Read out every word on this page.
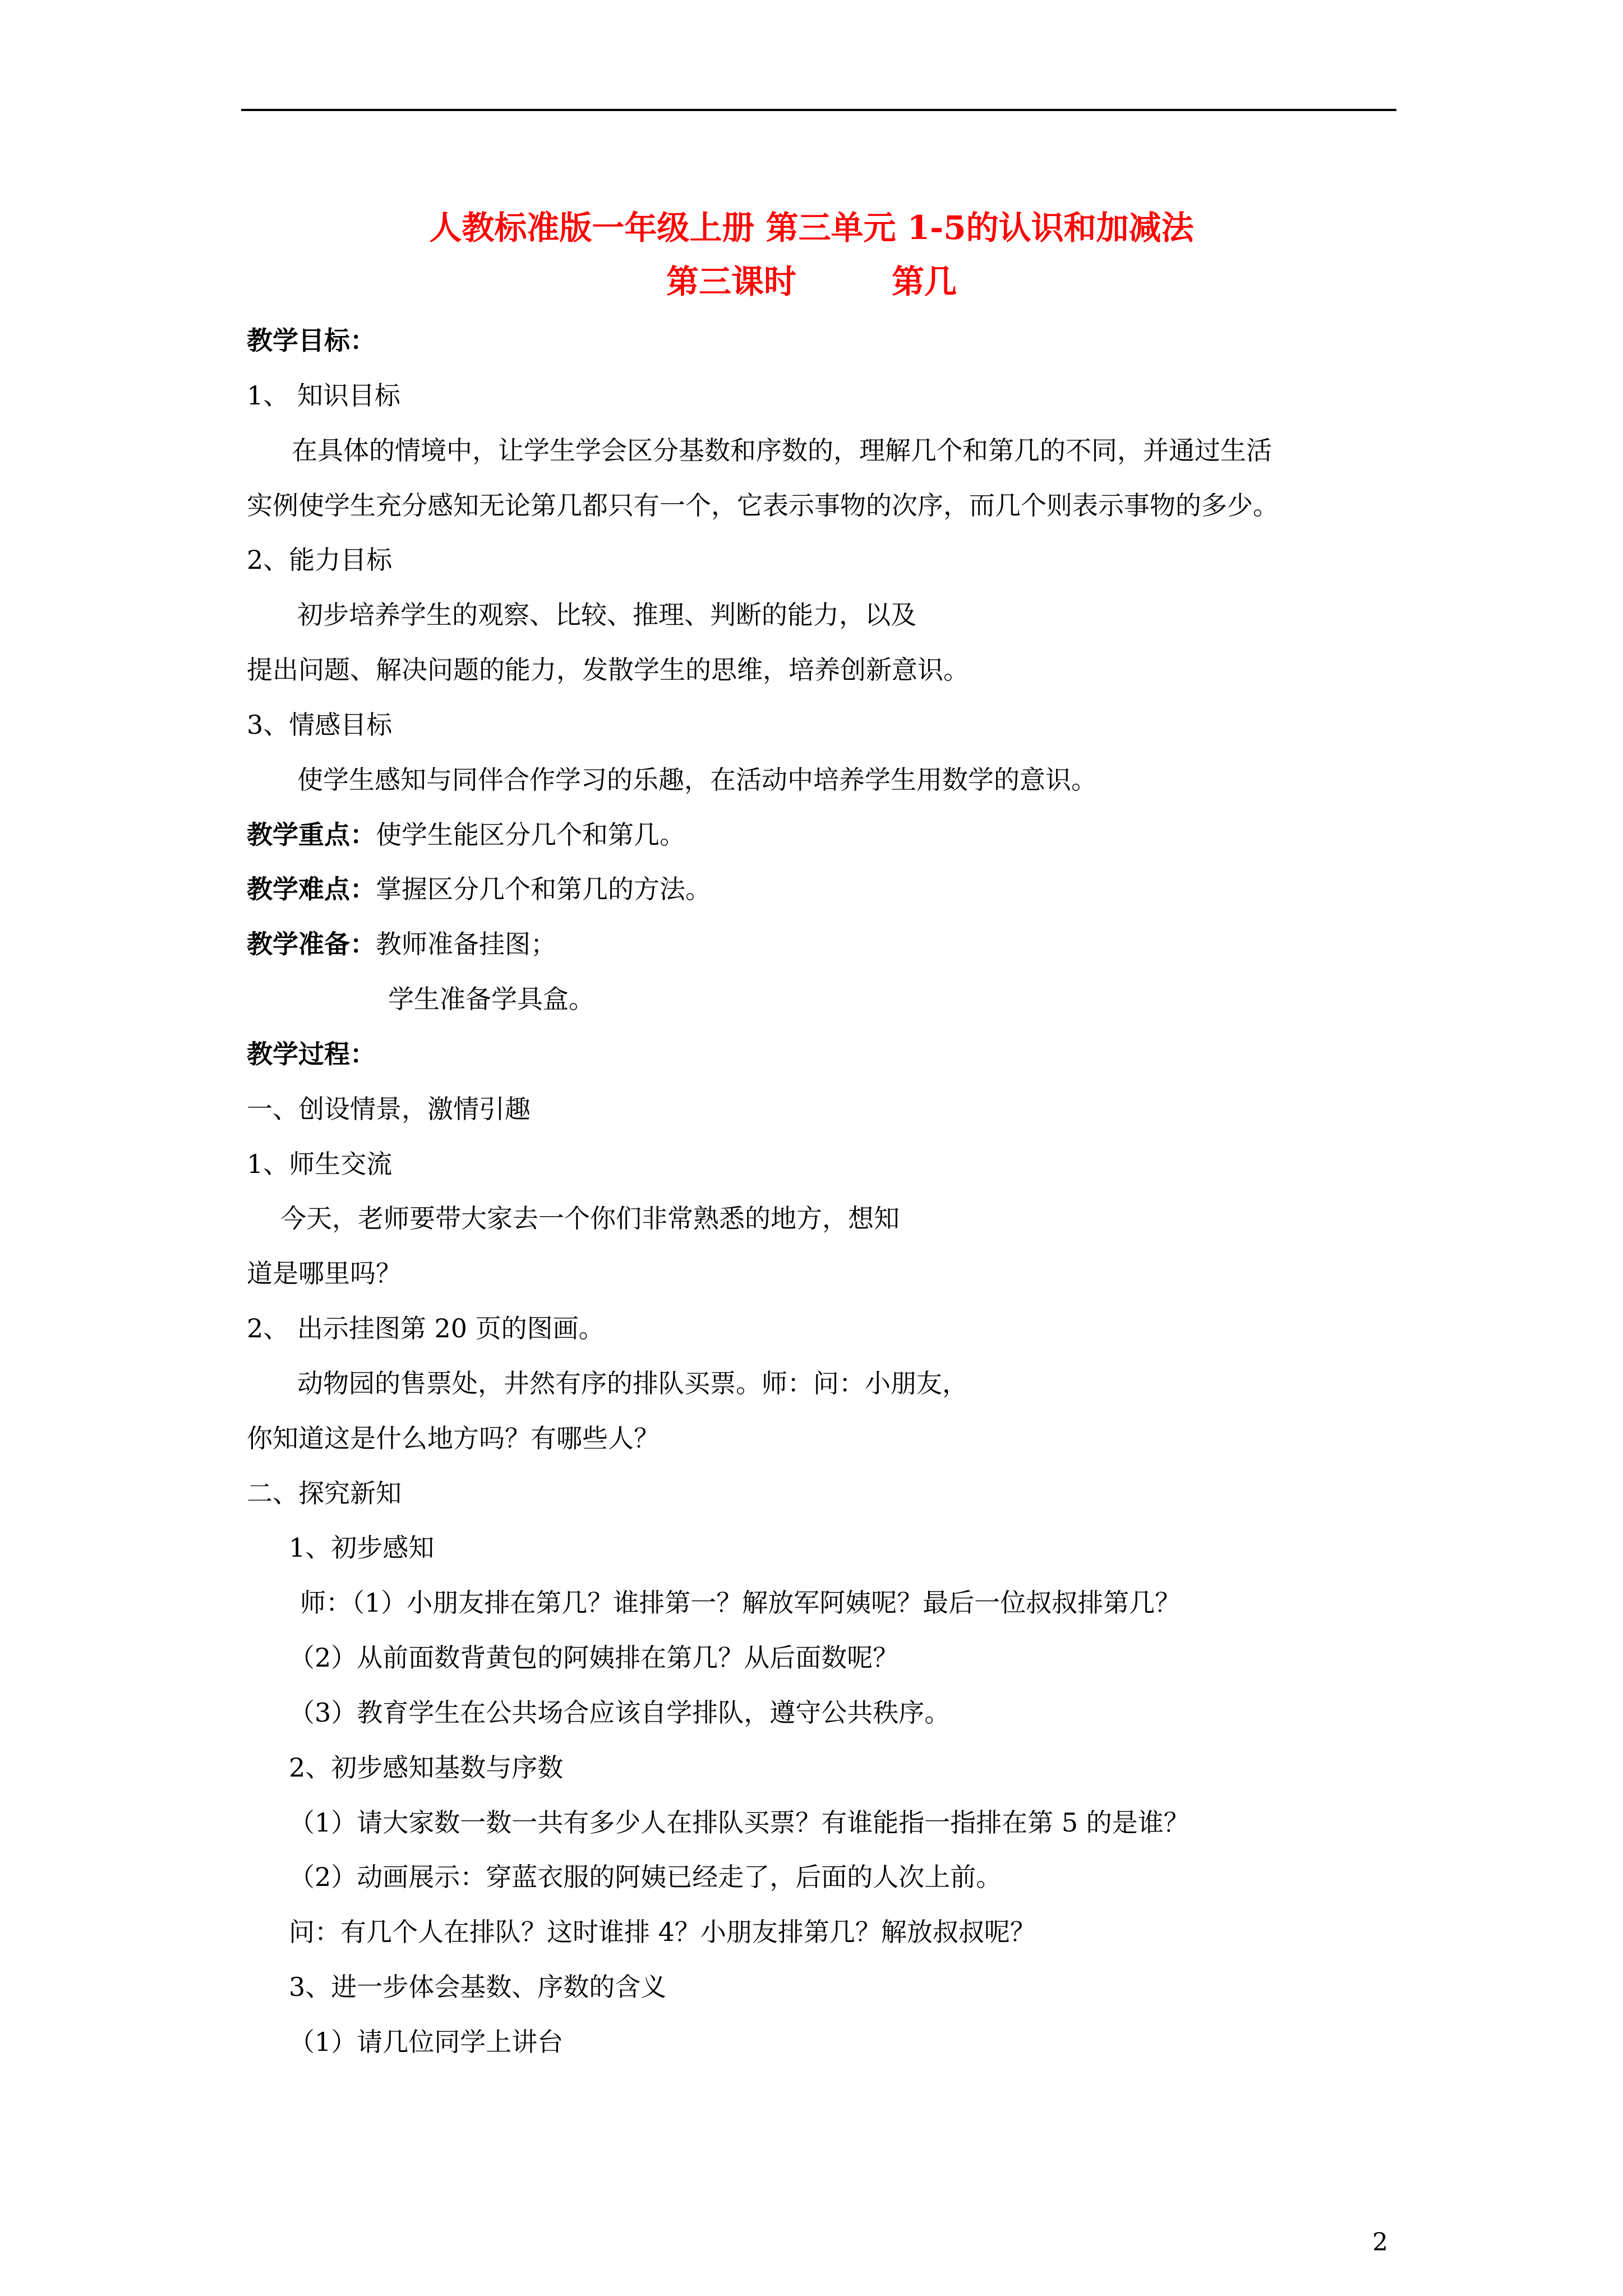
人教标准版一年级上册 第三单元 1-5的认识和加减法
第三课时	第几

教学目标：

1、 知识目标

在具体的情境中，让学生学会区分基数和序数的，理解几个和第几的不同，并通过生活

实例使学生充分感知无论第几都只有一个，它表示事物的次序，而几个则表示事物的多少。

2、能力目标

初步培养学生的观察、比较、推理、判断的能力，以及

提出问题、解决问题的能力，发散学生的思维，培养创新意识。

3、情感目标

使学生感知与同伴合作学习的乐趣，在活动中培养学生用数学的意识。

教学重点：使学生能区分几个和第几。

教学难点：掌握区分几个和第几的方法。

教学准备：教师准备挂图；

学生准备学具盒。

教学过程：

一、创设情景，激情引趣

1、师生交流

今天，老师要带大家去一个你们非常熟悉的地方，想知

道是哪里吗？

2、 出示挂图第 20 页的图画。

动物园的售票处，井然有序的排队买票。师：问：小朋友，

你知道这是什么地方吗？有哪些人？

二、探究新知

1、初步感知

师：（1）小朋友排在第几？谁排第一？解放军阿姨呢？最后一位叔叔排第几？

（2）从前面数背黄包的阿姨排在第几？从后面数呢？

（3）教育学生在公共场合应该自学排队，遵守公共秩序。

2、初步感知基数与序数

（1）请大家数一数一共有多少人在排队买票？有谁能指一指排在第 5 的是谁？

（2）动画展示：穿蓝衣服的阿姨已经走了，后面的人次上前。

问：有几个人在排队？这时谁排 4？小朋友排第几？解放叔叔呢？

3、进一步体会基数、序数的含义

（1）请几位同学上讲台

2
